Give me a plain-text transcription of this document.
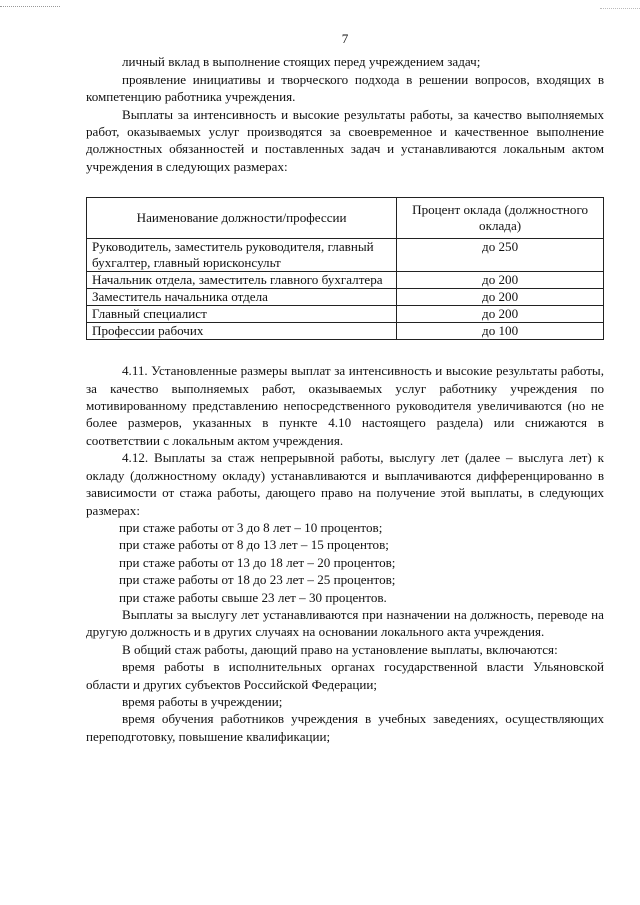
7

личный вклад в выполнение стоящих перед учреждением задач;

проявление инициативы и творческого подхода в решении вопросов, входящих в компетенцию работника учреждения.

Выплаты за интенсивность и высокие результаты работы, за качество выполняемых работ, оказываемых услуг производятся за своевременное и качественное выполнение должностных обязанностей и поставленных задач и устанавливаются локальным актом учреждения в следующих размерах:

Наименование должности/профессии	Процент оклада (должностного оклада)
Руководитель, заместитель руководителя, главный бухгалтер, главный юрисконсульт	до 250
Начальник отдела, заместитель главного бухгалтера	до 200
Заместитель начальника отдела	до 200
Главный специалист	до 200
Профессии рабочих	до 100

4.11. Установленные размеры выплат за интенсивность и высокие результаты работы, за качество выполняемых работ, оказываемых услуг работнику учреждения по мотивированному представлению непосредственного руководителя увеличиваются (но не более размеров, указанных в пункте 4.10 настоящего раздела) или снижаются в соответствии с локальным актом учреждения.

4.12. Выплаты за стаж непрерывной работы, выслугу лет (далее – выслуга лет) к окладу (должностному окладу) устанавливаются и выплачиваются дифференцированно в зависимости от стажа работы, дающего право на получение этой выплаты, в следующих размерах:

при стаже работы от 3 до 8 лет – 10 процентов;

при стаже работы от 8 до 13 лет – 15 процентов;

при стаже работы от 13 до 18 лет – 20 процентов;

при стаже работы от 18 до 23 лет – 25 процентов;

при стаже работы свыше 23 лет – 30 процентов.

Выплаты за выслугу лет устанавливаются при назначении на должность, переводе на другую должность и в других случаях на основании локального акта учреждения.

В общий стаж работы, дающий право на установление выплаты, включаются:

время работы в исполнительных органах государственной власти Ульяновской области и других субъектов Российской Федерации;

время работы в учреждении;

время обучения работников учреждения в учебных заведениях, осуществляющих переподготовку, повышение квалификации;
